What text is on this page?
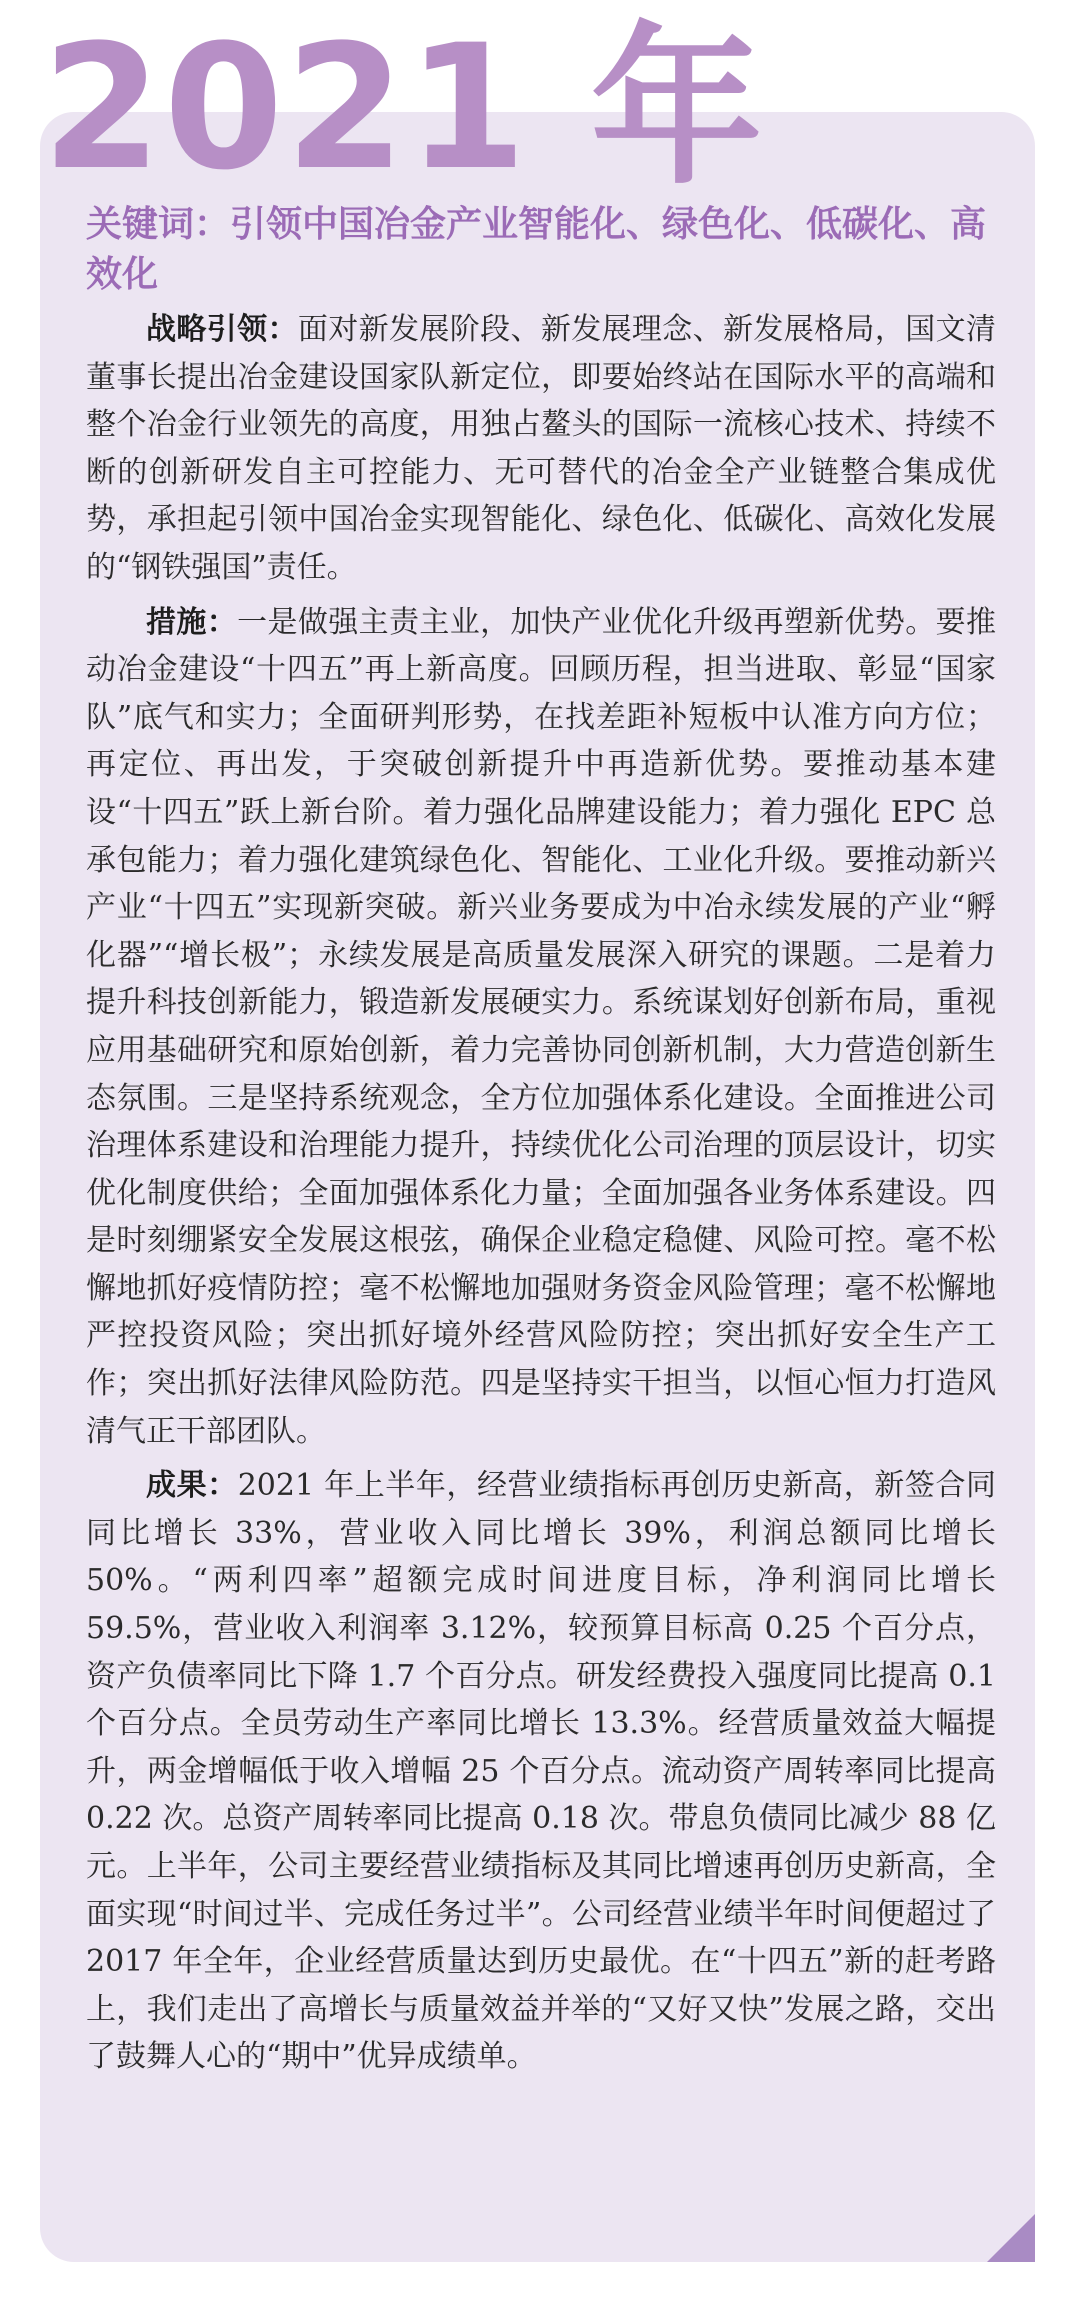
2021 年
关键词：引领中国冶金产业智能化、绿色化、低碳化、高效化

战略引领：面对新发展阶段、新发展理念、新发展格局，国文清董事长提出冶金建设国家队新定位，即要始终站在国际水平的高端和整个冶金行业领先的高度，用独占鳌头的国际一流核心技术、持续不断的创新研发自主可控能力、无可替代的冶金全产业链整合集成优势，承担起引领中国冶金实现智能化、绿色化、低碳化、高效化发展的“钢铁强国”责任。

措施：一是做强主责主业，加快产业优化升级再塑新优势。要推动冶金建设“十四五”再上新高度。回顾历程，担当进取、彰显“国家队”底气和实力；全面研判形势，在找差距补短板中认准方向方位；再定位、再出发，于突破创新提升中再造新优势。要推动基本建设“十四五”跃上新台阶。着力强化品牌建设能力；着力强化 EPC 总承包能力；着力强化建筑绿色化、智能化、工业化升级。要推动新兴产业“十四五”实现新突破。新兴业务要成为中冶永续发展的产业“孵化器”“增长极”；永续发展是高质量发展深入研究的课题。二是着力提升科技创新能力，锻造新发展硬实力。系统谋划好创新布局，重视应用基础研究和原始创新，着力完善协同创新机制，大力营造创新生态氛围。三是坚持系统观念，全方位加强体系化建设。全面推进公司治理体系建设和治理能力提升，持续优化公司治理的顶层设计，切实优化制度供给；全面加强体系化力量；全面加强各业务体系建设。四是时刻绷紧安全发展这根弦，确保企业稳定稳健、风险可控。毫不松懈地抓好疫情防控；毫不松懈地加强财务资金风险管理；毫不松懈地严控投资风险；突出抓好境外经营风险防控；突出抓好安全生产工作；突出抓好法律风险防范。四是坚持实干担当，以恒心恒力打造风清气正干部团队。

成果：2021 年上半年，经营业绩指标再创历史新高，新签合同同比增长 33%，营业收入同比增长 39%，利润总额同比增长 50%。“两利四率”超额完成时间进度目标，净利润同比增长 59.5%，营业收入利润率 3.12%，较预算目标高 0.25 个百分点，资产负债率同比下降 1.7 个百分点。研发经费投入强度同比提高 0.1 个百分点。全员劳动生产率同比增长 13.3%。经营质量效益大幅提升，两金增幅低于收入增幅 25 个百分点。流动资产周转率同比提高 0.22 次。总资产周转率同比提高 0.18 次。带息负债同比减少 88 亿元。上半年，公司主要经营业绩指标及其同比增速再创历史新高，全面实现“时间过半、完成任务过半”。公司经营业绩半年时间便超过了 2017 年全年，企业经营质量达到历史最优。在“十四五”新的赶考路上，我们走出了高增长与质量效益并举的“又好又快”发展之路，交出了鼓舞人心的“期中”优异成绩单。
